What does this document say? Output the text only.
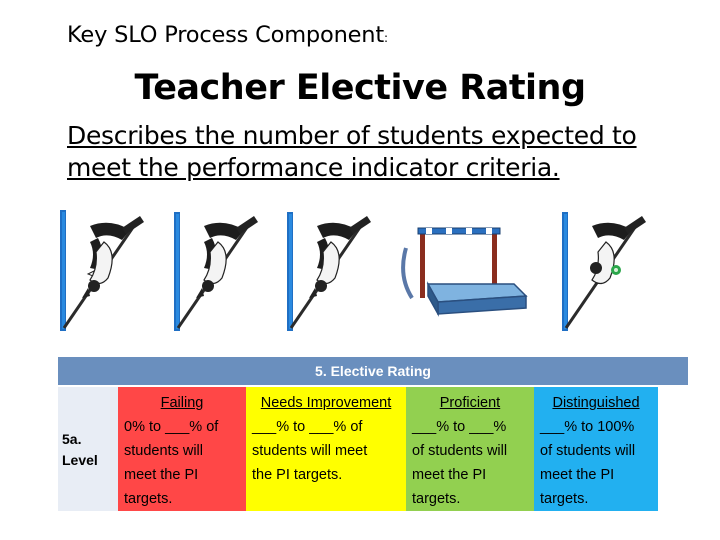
Key SLO Process Component:
Teacher Elective Rating
Describes the number of students expected to meet the performance indicator criteria.
5. Elective Rating
5a.
Level
Failing
0% to ___% of
students will
meet the PI
targets.
Needs Improvement
___% to ___% of
students will meet
the PI targets.
Proficient
___% to ___%
of students will
meet the PI
targets.
Distinguished
___% to 100%
of students will
meet the PI
targets.
